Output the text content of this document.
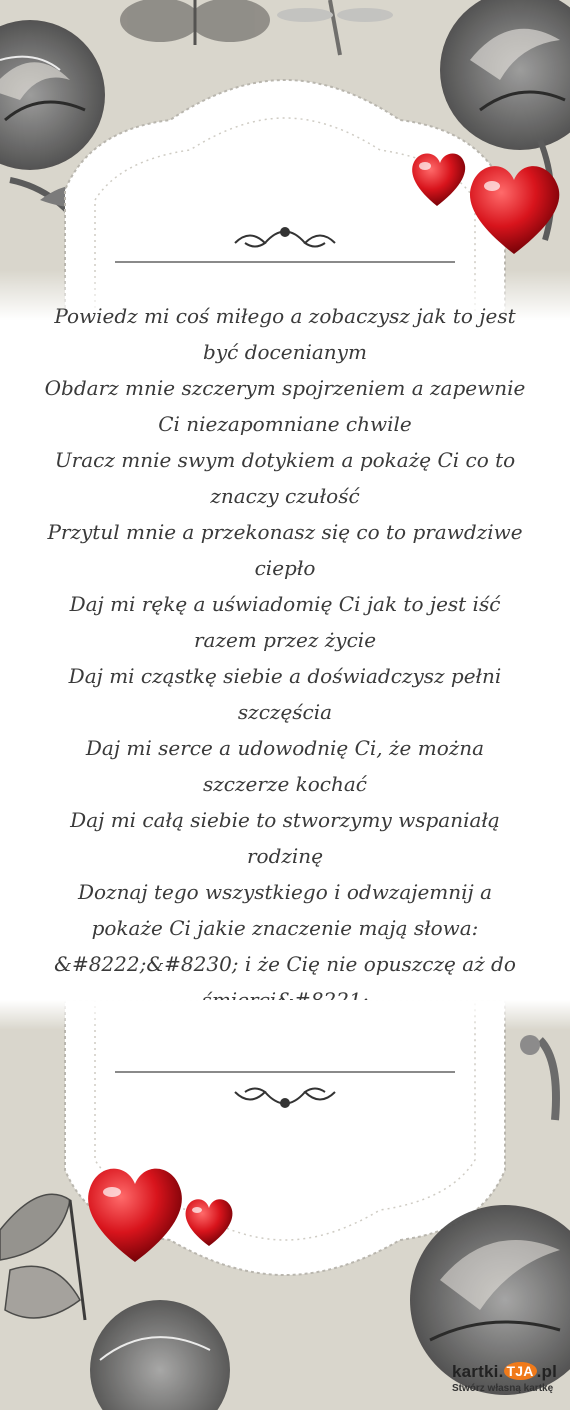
Powiedz mi coś miłego a zobaczysz jak to jest być docenianym

Obdarz mnie szczerym spojrzeniem a zapewnie Ci niezapomniane chwile

Uracz mnie swym dotykiem a pokażę Ci co to znaczy czułość

Przytul mnie a przekonasz się co to prawdziwe ciepło

Daj mi rękę a uświadomię Ci jak to jest iść razem przez życie

Daj mi cząstkę siebie a doświadczysz pełni szczęścia

Daj mi serce a udowodnię Ci, że można szczerze kochać

Daj mi całą siebie to stworzymy wspaniałą rodzinę

Doznaj tego wszystkiego i odwzajemnij a pokaże Ci jakie znaczenie mają słowa: &#8222;&#8230; i że Cię nie opuszczę aż do

kartki. TJA .pl
Stwórz własną kartkę
